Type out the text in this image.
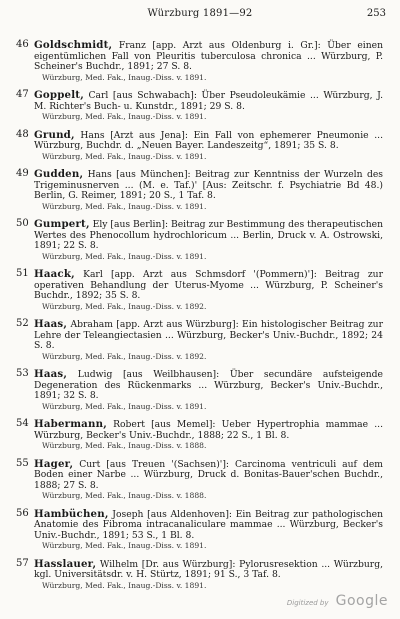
Würzburg 1891—92	253
46 Goldschmidt, Franz [app. Arzt aus Oldenburg i. Gr.]: Über einen eigentümlichen Fall von Pleuritis tuberculosa chronica ... Würzburg, P. Scheiner's Buchdr., 1891; 27 S. 8.
Würzburg, Med. Fak., Inaug.-Diss. v. 1891.
47 Goppelt, Carl [aus Schwabach]: Über Pseudoleukämie ... Würzburg, J. M. Richter's Buch- u. Kunstdr., 1891; 29 S. 8.
Würzburg, Med. Fak., Inaug.-Diss. v. 1891.
48 Grund, Hans [Arzt aus Jena]: Ein Fall von ephemerer Pneumonie ... Würzburg, Buchdr. d. „Neuen Bayer. Landeszeitg“, 1891; 35 S. 8.
Würzburg, Med. Fak., Inaug.-Diss. v. 1891.
49 Gudden, Hans [aus München]: Beitrag zur Kenntniss der Wurzeln des Trigeminusnerven ... (M. e. Taf.)' [Aus: Zeitschr. f. Psychiatrie Bd 48.) Berlin, G. Reimer, 1891; 20 S., 1 Taf. 8.
Würzburg, Med. Fak., Inaug.-Diss. v. 1891.
50 Gumpert, Ely [aus Berlin]: Beitrag zur Bestimmung des therapeutischen Wertes des Phenocollum hydrochloricum ... Berlin, Druck v. A. Ostrowski, 1891; 22 S. 8.
Würzburg, Med. Fak., Inaug.-Diss. v. 1891.
51 Haack, Karl [app. Arzt aus Schmsdorf '(Pommern)']: Beitrag zur operativen Behandlung der Uterus-Myome ... Würzburg, P. Scheiner's Buchdr., 1892; 35 S. 8.
Würzburg, Med. Fak., Inaug.-Diss. v. 1892.
52 Haas, Abraham [app. Arzt aus Würzburg]: Ein histologischer Beitrag zur Lehre der Teleangiectasien ... Würzburg, Becker's Univ.-Buchdr., 1892; 24 S. 8.
Würzburg, Med. Fak., Inaug.-Diss. v. 1892.
53 Haas, Ludwig [aus Weilbhausen]: Über secundäre aufsteigende Degeneration des Rückenmarks ... Würzburg, Becker's Univ.-Buchdr., 1891; 32 S. 8.
Würzburg, Med. Fak., Inaug.-Diss. v. 1891.
54 Habermann, Robert [aus Memel]: Ueber Hypertrophia mammae ... Würzburg, Becker's Univ.-Buchdr., 1888; 22 S., 1 Bl. 8.
Würzburg, Med. Fak., Inaug.-Diss. v. 1888.
55 Hager, Curt [aus Treuen '(Sachsen)']: Carcinoma ventriculi auf dem Boden einer Narbe ... Würzburg, Druck d. Bonitas-Bauer'schen Buchdr., 1888; 27 S. 8.
Würzburg, Med. Fak., Inaug.-Diss. v. 1888.
56 Hambüchen, Joseph [aus Aldenhoven]: Ein Beitrag zur pathologischen Anatomie des Fibroma intracanaliculare mammae ... Würzburg, Becker's Univ.-Buchdr., 1891; 53 S., 1 Bl. 8.
Würzburg, Med. Fak., Inaug.-Diss. v. 1891.
57 Hasslauer, Wilhelm [Dr. aus Würzburg]: Pylorusresektion ... Würzburg, kgl. Universitätsdr. v. H. Stürtz, 1891; 91 S., 3 Taf. 8.
Würzburg, Med. Fak., Inaug.-Diss. v. 1891.
Digitized by Google
